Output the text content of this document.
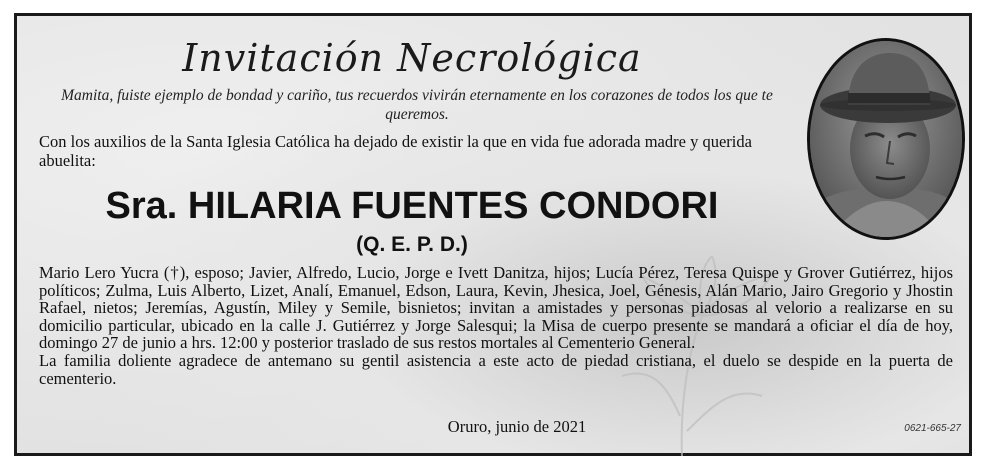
Invitación Necrológica
Mamita, fuiste ejemplo de bondad y cariño, tus recuerdos vivirán eternamente en los corazones de todos los que te queremos.
Con los auxilios de la Santa Iglesia Católica ha dejado de existir la que en vida fue adorada madre y querida abuelita:
Sra. HILARIA FUENTES CONDORI
(Q. E. P. D.)

Mario Lero Yucra (†), esposo; Javier, Alfredo, Lucio, Jorge e Ivett Danitza, hijos; Lucía Pérez, Teresa Quispe y Grover Gutiérrez, hijos políticos; Zulma, Luis Alberto, Lizet, Analí, Emanuel, Edson, Laura, Kevin, Jhesica, Joel, Génesis, Alán Mario, Jairo Gregorio y Jhostin Rafael, nietos; Jeremías, Agustín, Miley y Semile, bisnietos; invitan a amistades y personas piadosas al velorio a realizarse en su domicilio particular, ubicado en la calle J. Gutiérrez y Jorge Salesqui; la Misa de cuerpo presente se mandará a oficiar el día de hoy, domingo 27 de junio a hrs. 12:00 y posterior traslado de sus restos mortales al Cementerio General.

La familia doliente agradece de antemano su gentil asistencia a este acto de piedad cristiana, el duelo se despide en la puerta de cementerio.

Oruro, junio de 2021	0621-665-27
